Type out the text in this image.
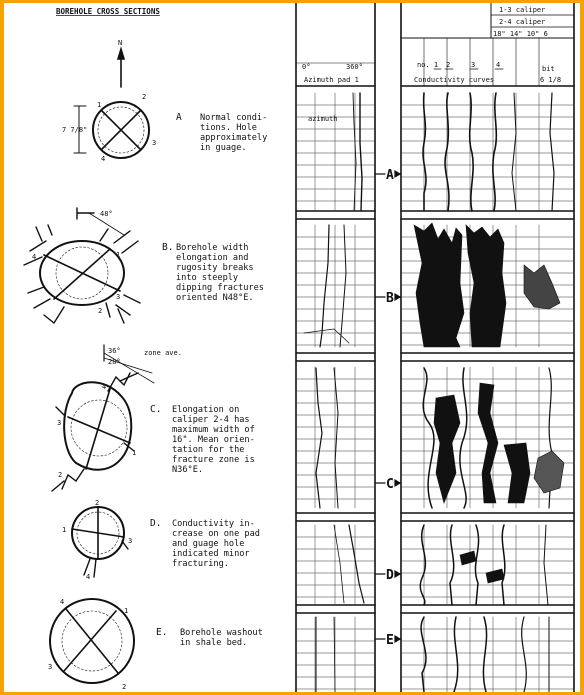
BOREHOLE CROSS SECTIONS
0°	360°
Azimuth pad 1
1-3 caliper
2-4 caliper
18" 14" 10" 6
no. 1 2	3	4
Conductivity curves
bit
6 1/8
azimuth
A
B
C
D
E
N
1
2
3
4
7 7/8"
48°
4	1
3
2
36°
28°
zone ave.
4
3
1
2
2
1
3
4
4
1
3
2
A
B.
C.
D.
E.
Normal condi-
tions. Hole
approximately
in guage.
Borehole width
elongation and
rugosity breaks
into steeply
dipping fractures
oriented N48°E.
Elongation on
caliper 2-4 has
maximum width of
16". Mean orien-
tation for the
fracture zone is
N36°E.
Conductivity in-
crease on one pad
and guage hole
indicated minor
fracturing.
Borehole washout
in shale bed.
